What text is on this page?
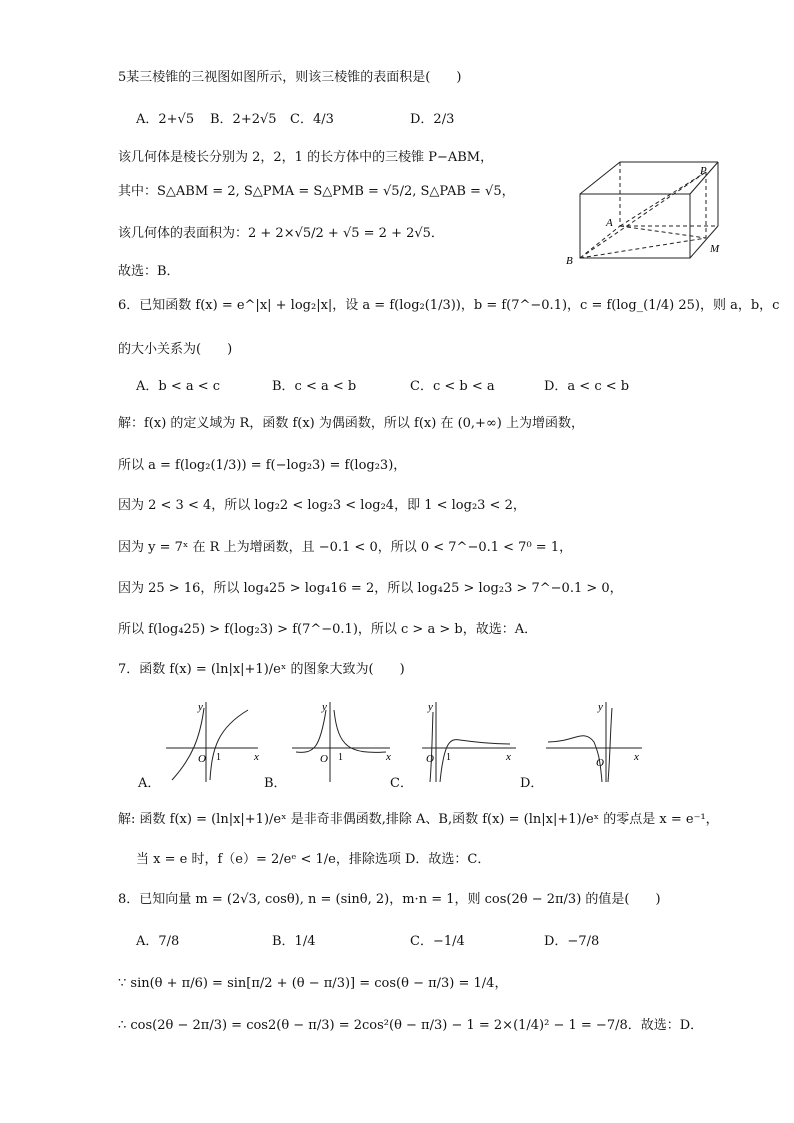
5某三棱锥的三视图如图所示，则该三棱锥的表面积是(　　)
A．2+√5 B．2+2√5 C．4/3	D．2/3
该几何体是棱长分别为 2，2，1 的长方体中的三棱锥 P−ABM，
其中：S△ABM = 2, S△PMA = S△PMB = √5/2, S△PAB = √5，
该几何体的表面积为：2 + 2×√5/2 + √5 = 2 + 2√5．
故选：B．
P
A
B
M
6．已知函数 f(x) = e^|x| + log₂|x|，设 a = f(log₂(1/3))，b = f(7^−0.1)，c = f(log_(1/4) 25)，则 a，b，c
的大小关系为(　　)
A．b < a < c	B．c < a < b	C．c < b < a	D．a < c < b
解：f(x) 的定义域为 R，函数 f(x) 为偶函数，所以 f(x) 在 (0,+∞) 上为增函数，
所以 a = f(log₂(1/3)) = f(−log₂3) = f(log₂3)，
因为 2 < 3 < 4，所以 log₂2 < log₂3 < log₂4，即 1 < log₂3 < 2，
因为 y = 7ˣ 在 R 上为增函数，且 −0.1 < 0，所以 0 < 7^−0.1 < 7⁰ = 1，
因为 25 > 16，所以 log₄25 > log₄16 = 2，所以 log₄25 > log₂3 > 7^−0.1 > 0，
所以 f(log₄25) > f(log₂3) > f(7^−0.1)，所以 c > a > b，故选：A．
7．函数 f(x) = (ln|x|+1)/eˣ 的图象大致为(　　)
y
x
O 1
A．
y
x
O 1
B．
y
x
O 1
C．
y
x
O
D．
解: 函数 f(x) = (ln|x|+1)/eˣ 是非奇非偶函数,排除 A、B,函数 f(x) = (ln|x|+1)/eˣ 的零点是 x = e⁻¹，
当 x = e 时，f（e）= 2/eᵉ < 1/e，排除选项 D．故选：C．
8．已知向量 m = (2√3, cosθ), n = (sinθ, 2)，m·n = 1，则 cos(2θ − 2π/3) 的值是(　　)
A．7/8	B．1/4	C．−1/4	D．−7/8
∵ sin(θ + π/6) = sin[π/2 + (θ − π/3)] = cos(θ − π/3) = 1/4，
∴ cos(2θ − 2π/3) = cos2(θ − π/3) = 2cos²(θ − π/3) − 1 = 2×(1/4)² − 1 = −7/8．故选：D．
